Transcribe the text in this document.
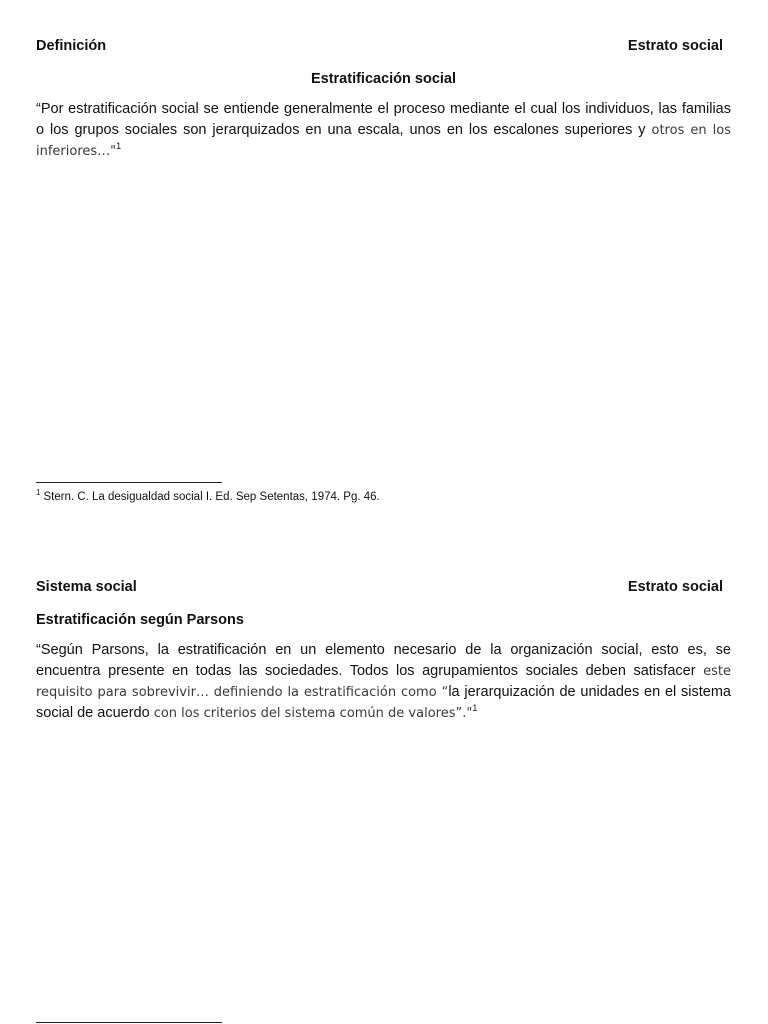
Definición	Estrato social
Estratificación social

“Por estratificación social se entiende generalmente el proceso mediante el cual los individuos, las familias o los grupos sociales son jerarquizados en una escala, unos en los escalones superiores y otros en los inferiores…"$^1$

$^1$ Stern. C. La desigualdad social I. Ed. Sep Setentas, 1974. Pg. 46.
Sistema social	Estrato social
Estratificación según Parsons

“Según Parsons, la estratificación en un elemento necesario de la organización social, esto es, se encuentra presente en todas las sociedades. Todos los agrupamientos sociales deben satisfacer este requisito para sobrevivir… definiendo la estratificación como “la jerarquización de unidades en el sistema social de acuerdo con los criterios del sistema común de valores”."$^1$
